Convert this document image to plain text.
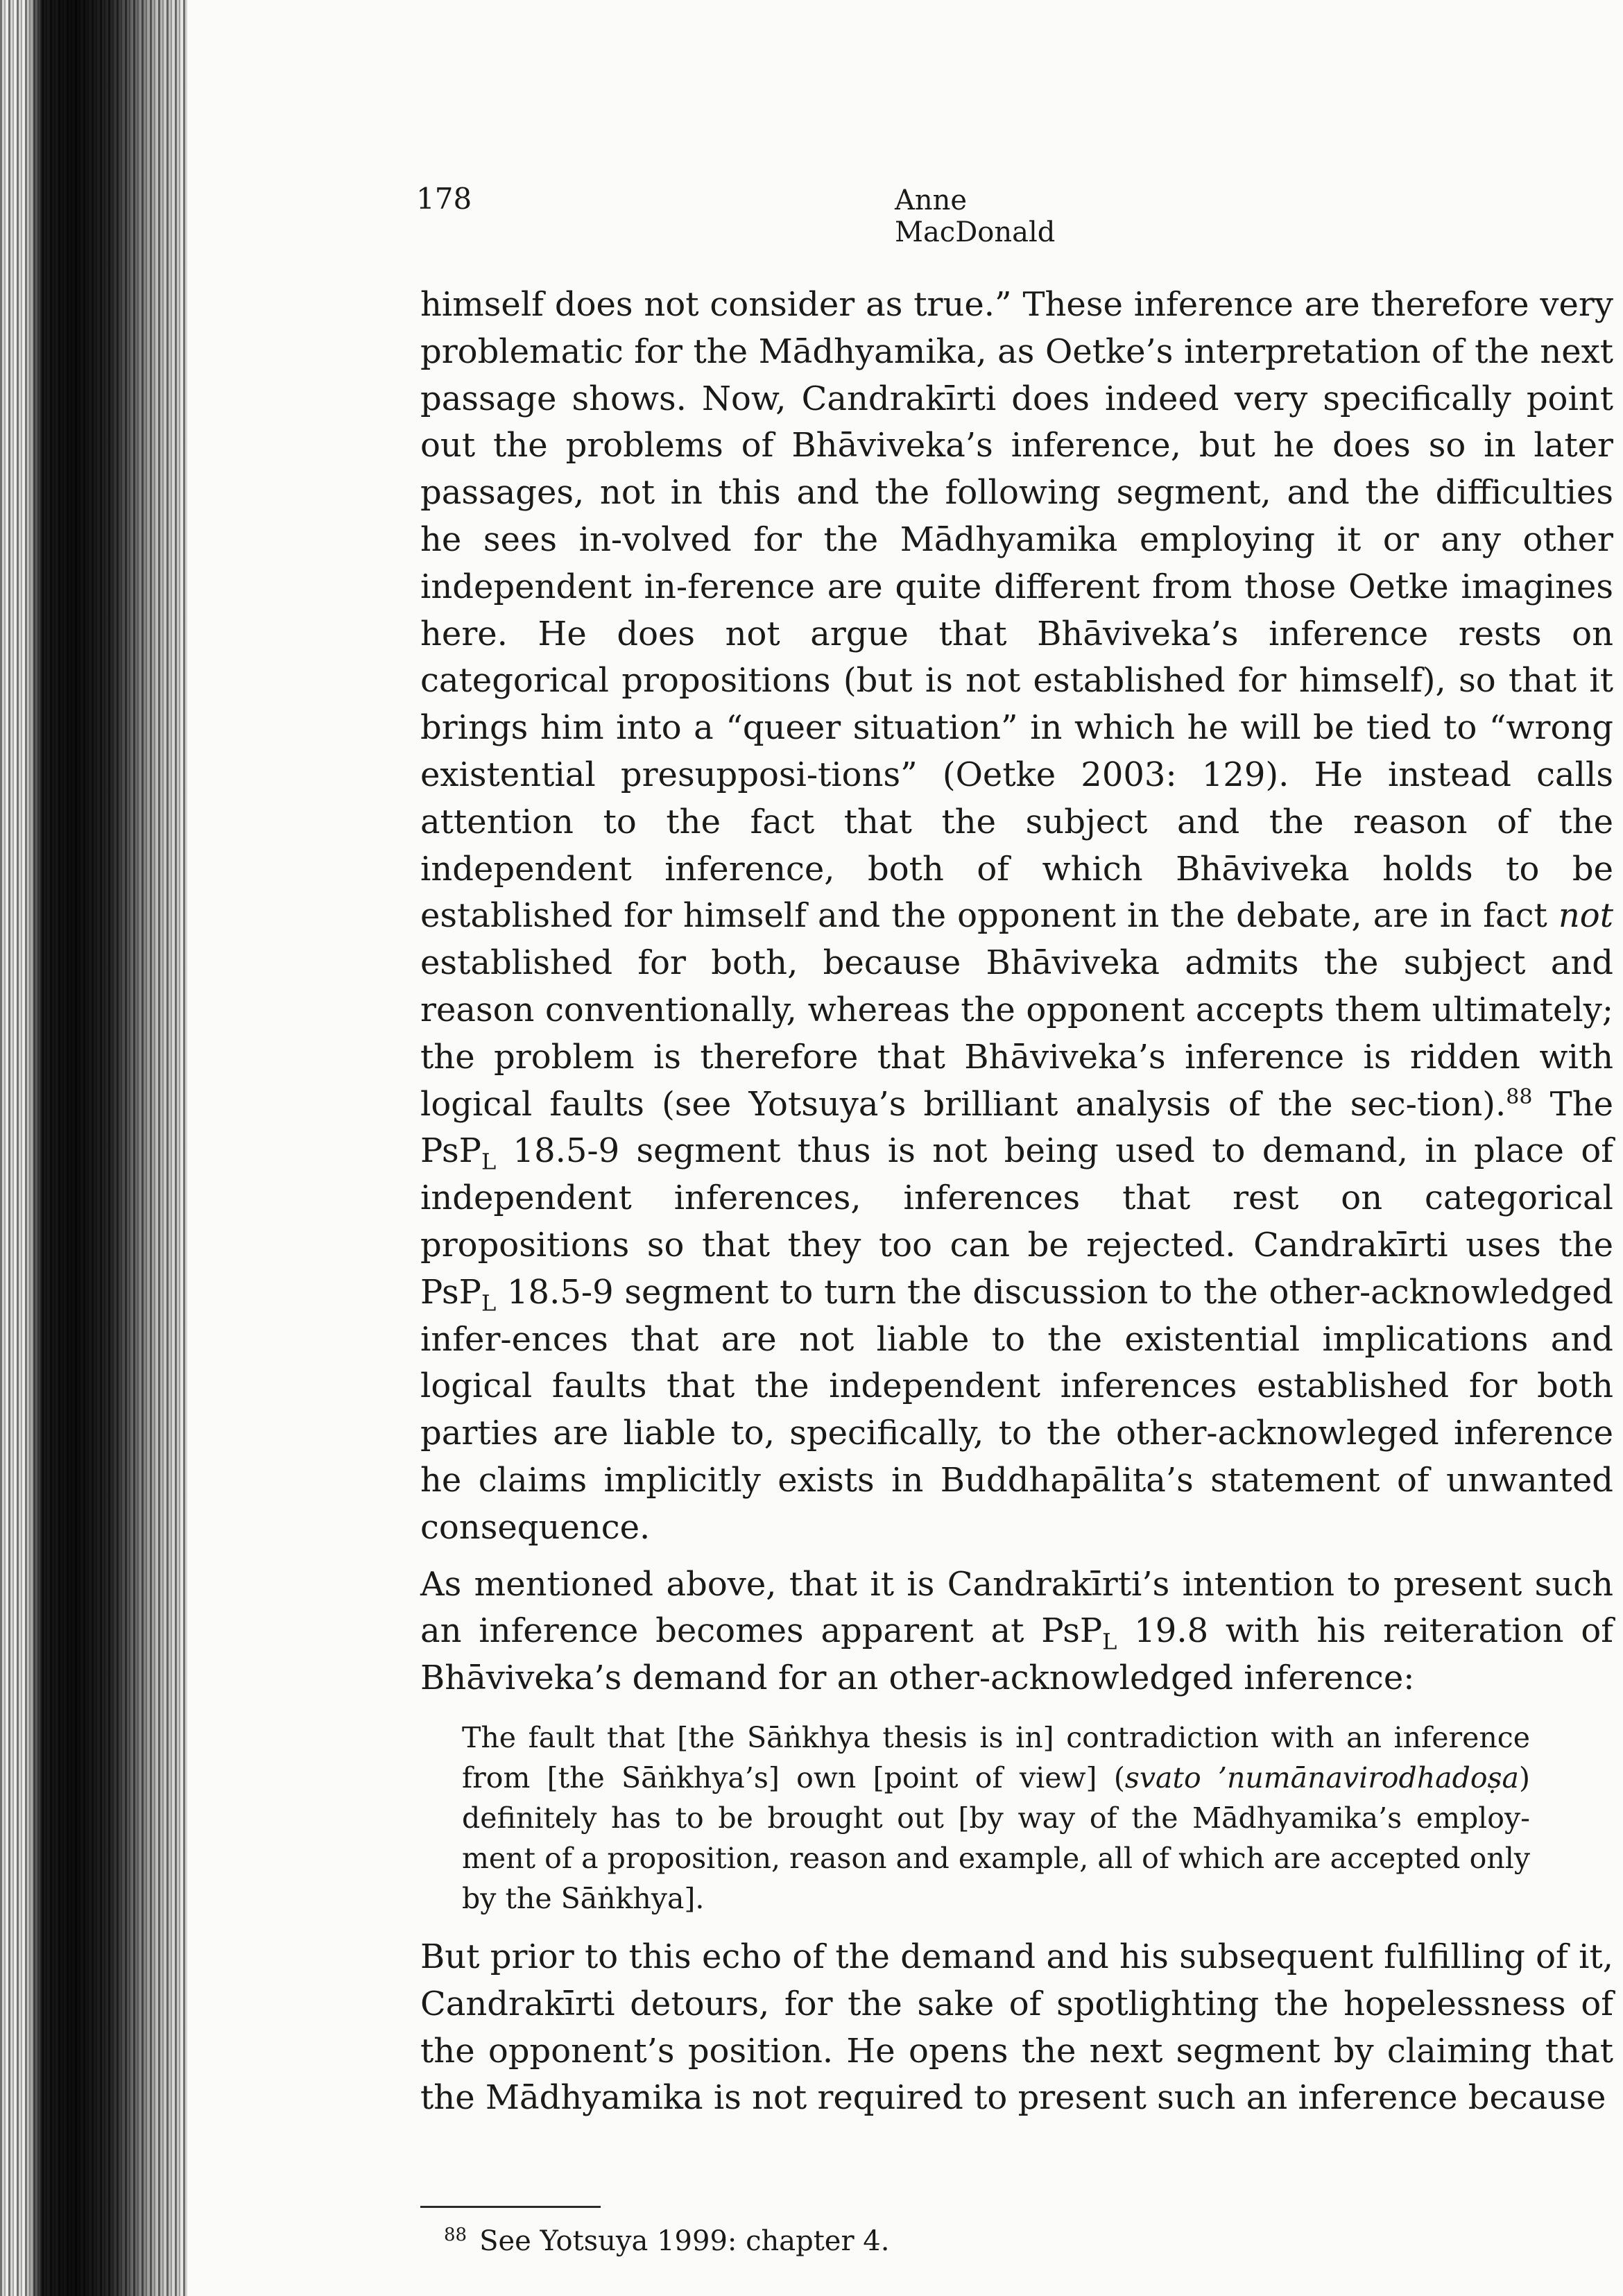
178	Anne MacDonald

himself does not consider as true.” These inference are therefore very problematic for the Mādhyamika, as Oetke’s interpretation of the next passage shows. Now, Candrakīrti does indeed very specifically point out the problems of Bhāviveka’s inference, but he does so in later passages, not in this and the following segment, and the difficulties he sees in-volved for the Mādhyamika employing it or any other independent in-ference are quite different from those Oetke imagines here. He does not argue that Bhāviveka’s inference rests on categorical propositions (but is not established for himself), so that it brings him into a “queer situation” in which he will be tied to “wrong existential presupposi-tions” (Oetke 2003: 129). He instead calls attention to the fact that the subject and the reason of the independent inference, both of which Bhāviveka holds to be established for himself and the opponent in the debate, are in fact not established for both, because Bhāviveka admits the subject and reason conventionally, whereas the opponent accepts them ultimately; the problem is therefore that Bhāviveka’s inference is ridden with logical faults (see Yotsuya’s brilliant analysis of the sec-tion).$^{88}$ The PsP$_L$ 18.5-9 segment thus is not being used to demand, in place of independent inferences, inferences that rest on categorical propositions so that they too can be rejected. Candrakīrti uses the PsP$_L$ 18.5-9 segment to turn the discussion to the other-acknowledged infer-ences that are not liable to the existential implications and logical faults that the independent inferences established for both parties are liable to, specifically, to the other-acknowleged inference he claims implicitly exists in Buddhapālita’s statement of unwanted consequence.

As mentioned above, that it is Candrakīrti’s intention to present such an inference becomes apparent at PsP$_L$ 19.8 with his reiteration of Bhāviveka’s demand for an other-acknowledged inference:

The fault that [the Sāṅkhya thesis is in] contradiction with an inference from [the Sāṅkhya’s] own [point of view] (svato ’numānavirodhadoṣa) definitely has to be brought out [by way of the Mādhyamika’s employ-ment of a proposition, reason and example, all of which are accepted only by the Sāṅkhya].

But prior to this echo of the demand and his subsequent fulfilling of it, Candrakīrti detours, for the sake of spotlighting the hopelessness of the opponent’s position. He opens the next segment by claiming that the Mādhyamika is not required to present such an inference because

$^{88}$ See Yotsuya 1999: chapter 4.
